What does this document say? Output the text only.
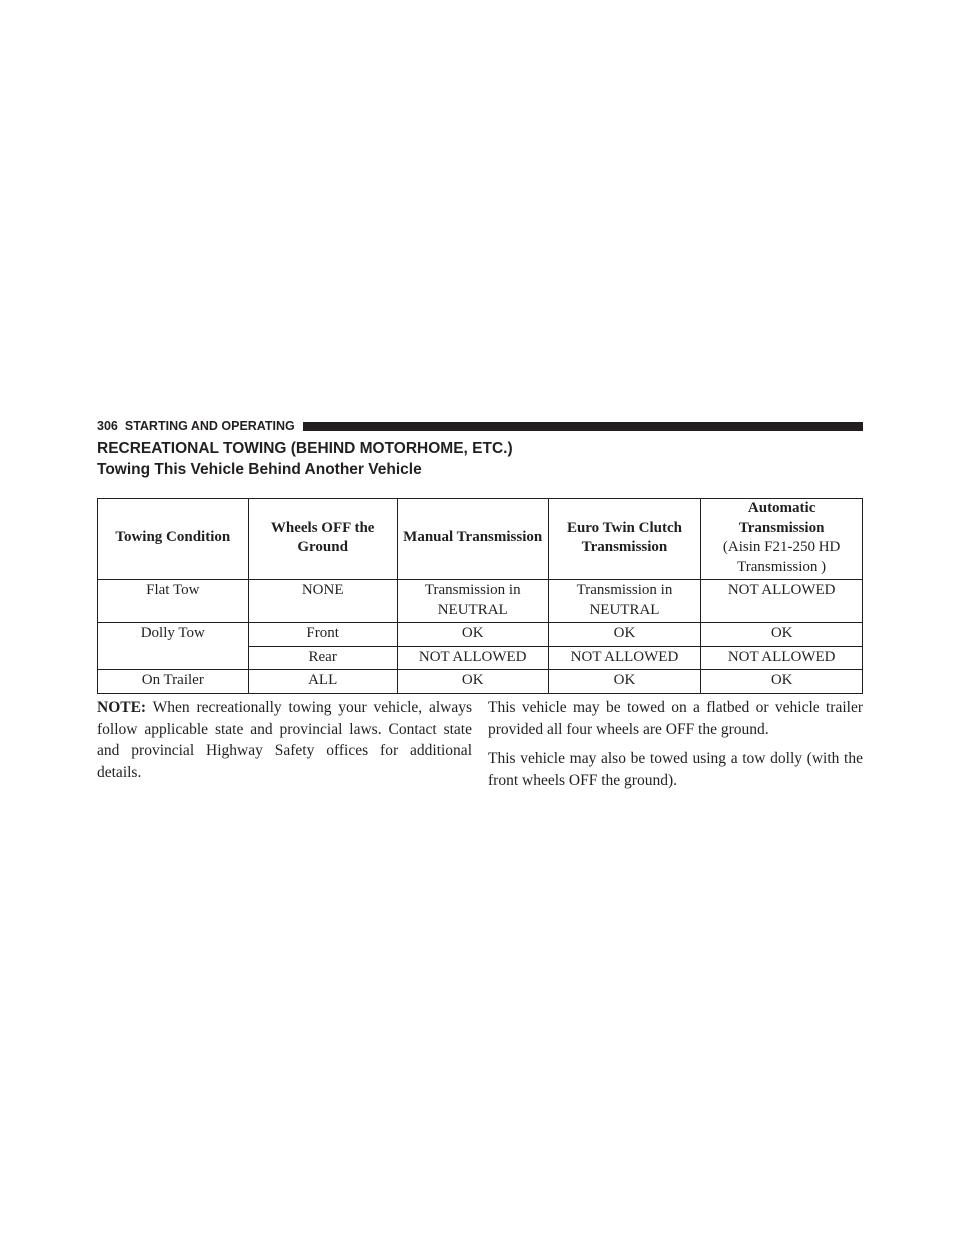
306 STARTING AND OPERATING
RECREATIONAL TOWING (BEHIND MOTORHOME, ETC.)
Towing This Vehicle Behind Another Vehicle
Towing Condition	Wheels OFF the Ground	Manual Transmission	Euro Twin Clutch Transmission	Automatic Transmission
(Aisin F21-250 HD Transmission )

Flat Tow	NONE	Transmission in NEUTRAL	Transmission in NEUTRAL	NOT ALLOWED
Dolly Tow	Front	OK	OK	OK
	Rear	NOT ALLOWED	NOT ALLOWED	NOT ALLOWED
On Trailer	ALL	OK	OK	OK
NOTE: When recreationally towing your vehicle, always follow applicable state and provincial laws. Contact state and provincial Highway Safety offices for additional details.

This vehicle may be towed on a flatbed or vehicle trailer provided all four wheels are OFF the ground.

This vehicle may also be towed using a tow dolly (with the front wheels OFF the ground).
